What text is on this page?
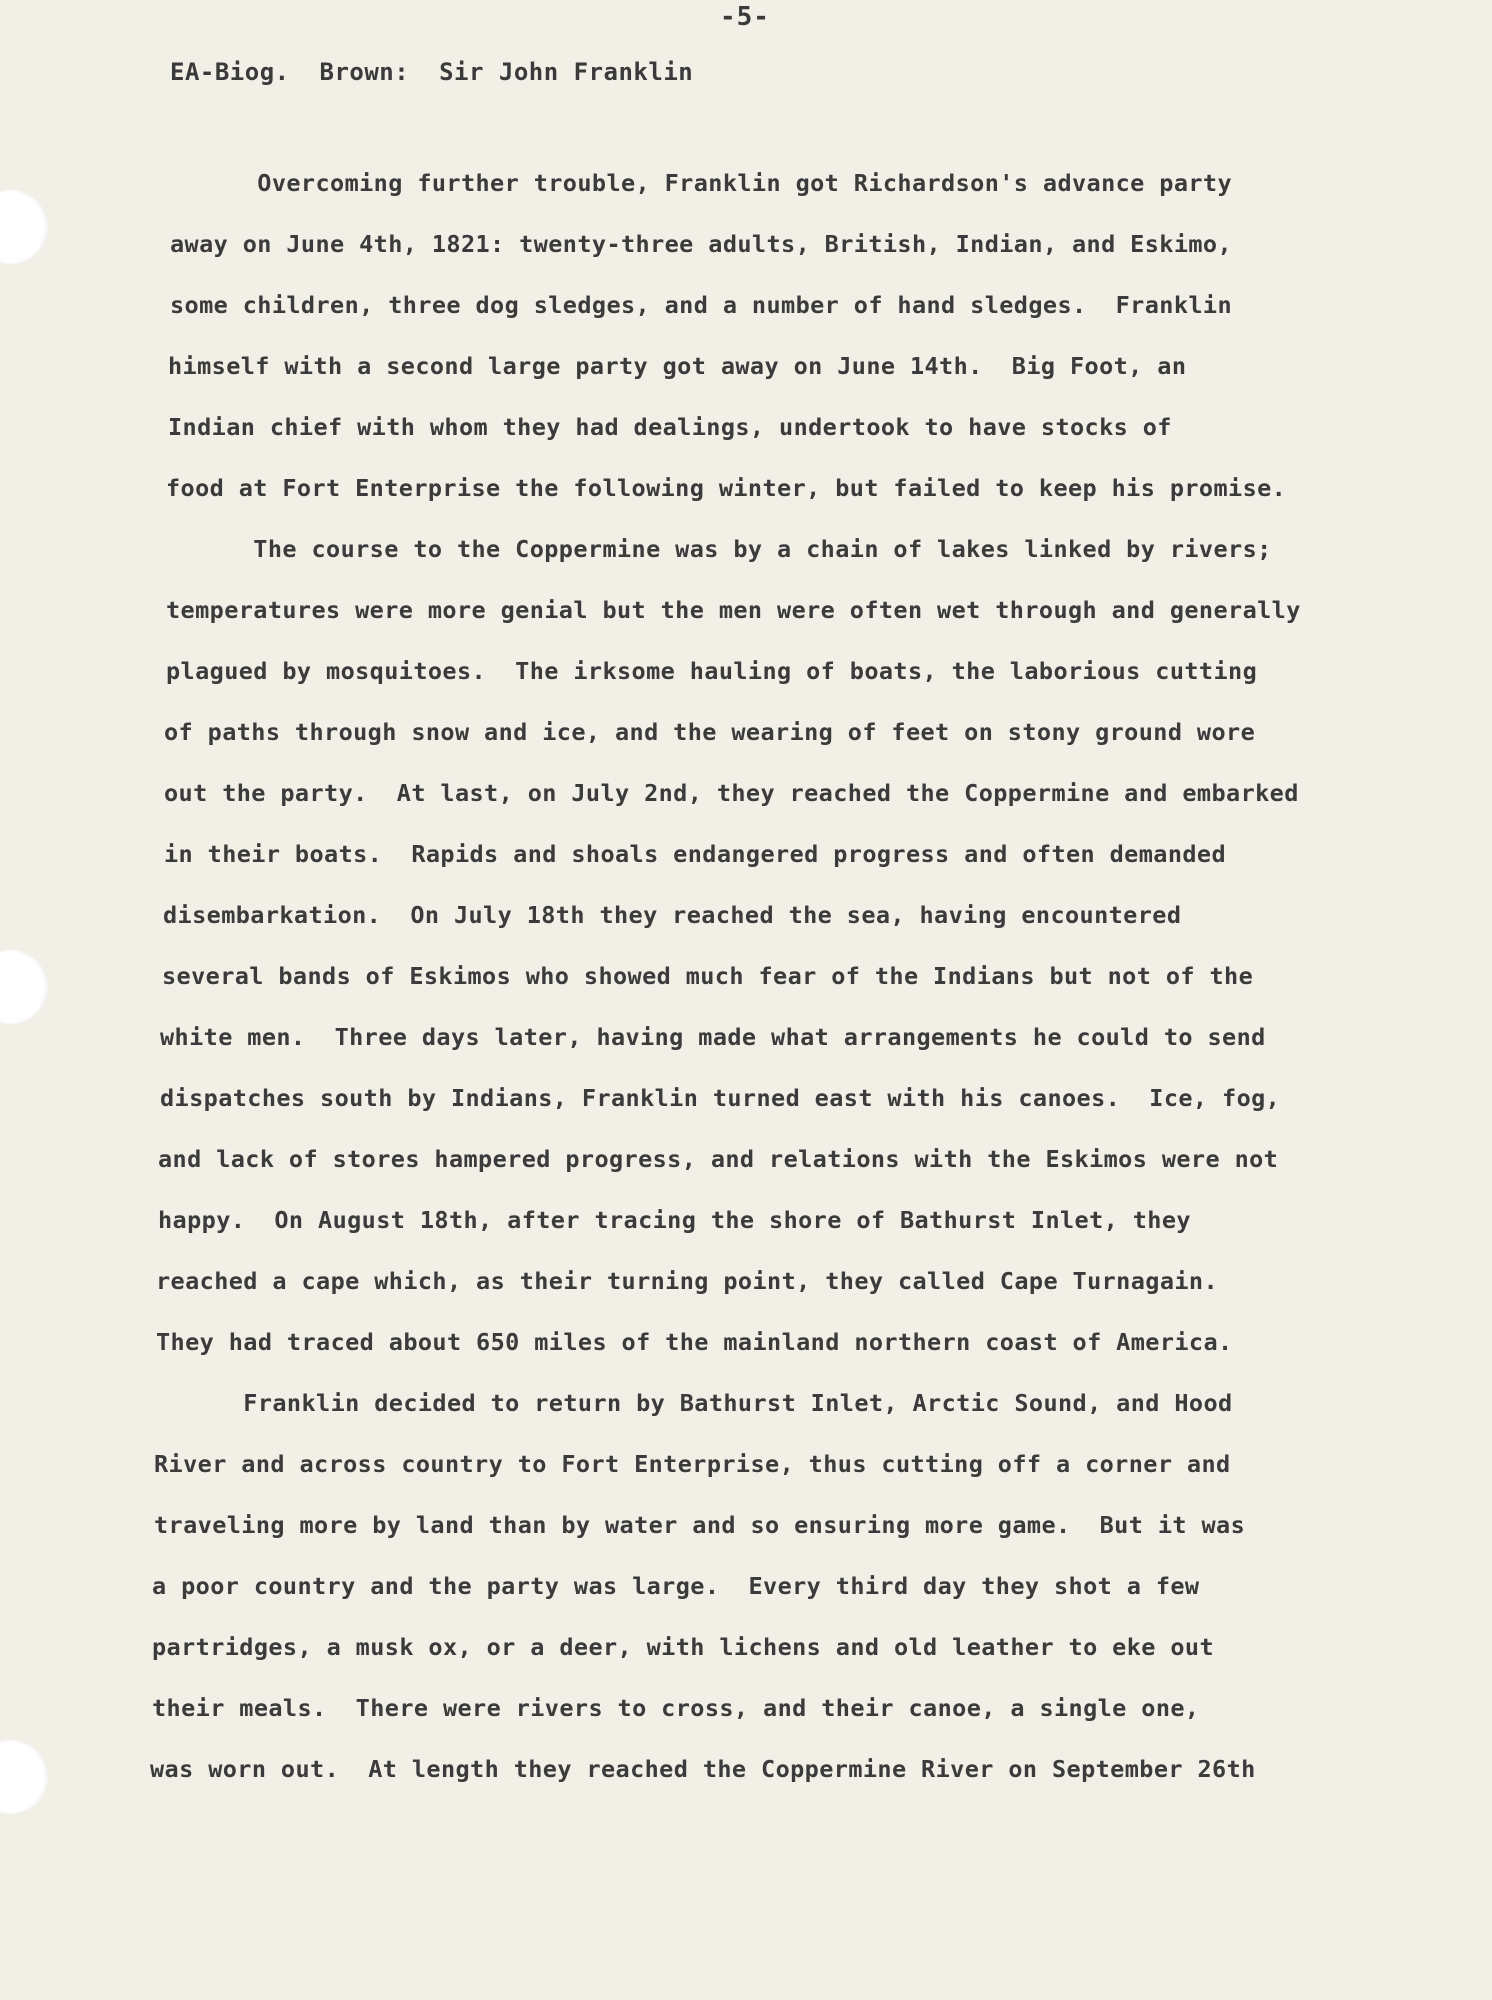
-5-
EA-Biog.  Brown:  Sir John Franklin
Overcoming further trouble, Franklin got Richardson's advance party
away on June 4th, 1821: twenty-three adults, British, Indian, and Eskimo,
some children, three dog sledges, and a number of hand sledges.  Franklin
himself with a second large party got away on June 14th.  Big Foot, an
Indian chief with whom they had dealings, undertook to have stocks of
food at Fort Enterprise the following winter, but failed to keep his promise.
The course to the Coppermine was by a chain of lakes linked by rivers;
temperatures were more genial but the men were often wet through and generally
plagued by mosquitoes.  The irksome hauling of boats, the laborious cutting
of paths through snow and ice, and the wearing of feet on stony ground wore
out the party.  At last, on July 2nd, they reached the Coppermine and embarked
in their boats.  Rapids and shoals endangered progress and often demanded
disembarkation.  On July 18th they reached the sea, having encountered
several bands of Eskimos who showed much fear of the Indians but not of the
white men.  Three days later, having made what arrangements he could to send
dispatches south by Indians, Franklin turned east with his canoes.  Ice, fog,
and lack of stores hampered progress, and relations with the Eskimos were not
happy.  On August 18th, after tracing the shore of Bathurst Inlet, they
reached a cape which, as their turning point, they called Cape Turnagain.
They had traced about 650 miles of the mainland northern coast of America.
Franklin decided to return by Bathurst Inlet, Arctic Sound, and Hood
River and across country to Fort Enterprise, thus cutting off a corner and
traveling more by land than by water and so ensuring more game.  But it was
a poor country and the party was large.  Every third day they shot a few
partridges, a musk ox, or a deer, with lichens and old leather to eke out
their meals.  There were rivers to cross, and their canoe, a single one,
was worn out.  At length they reached the Coppermine River on September 26th
